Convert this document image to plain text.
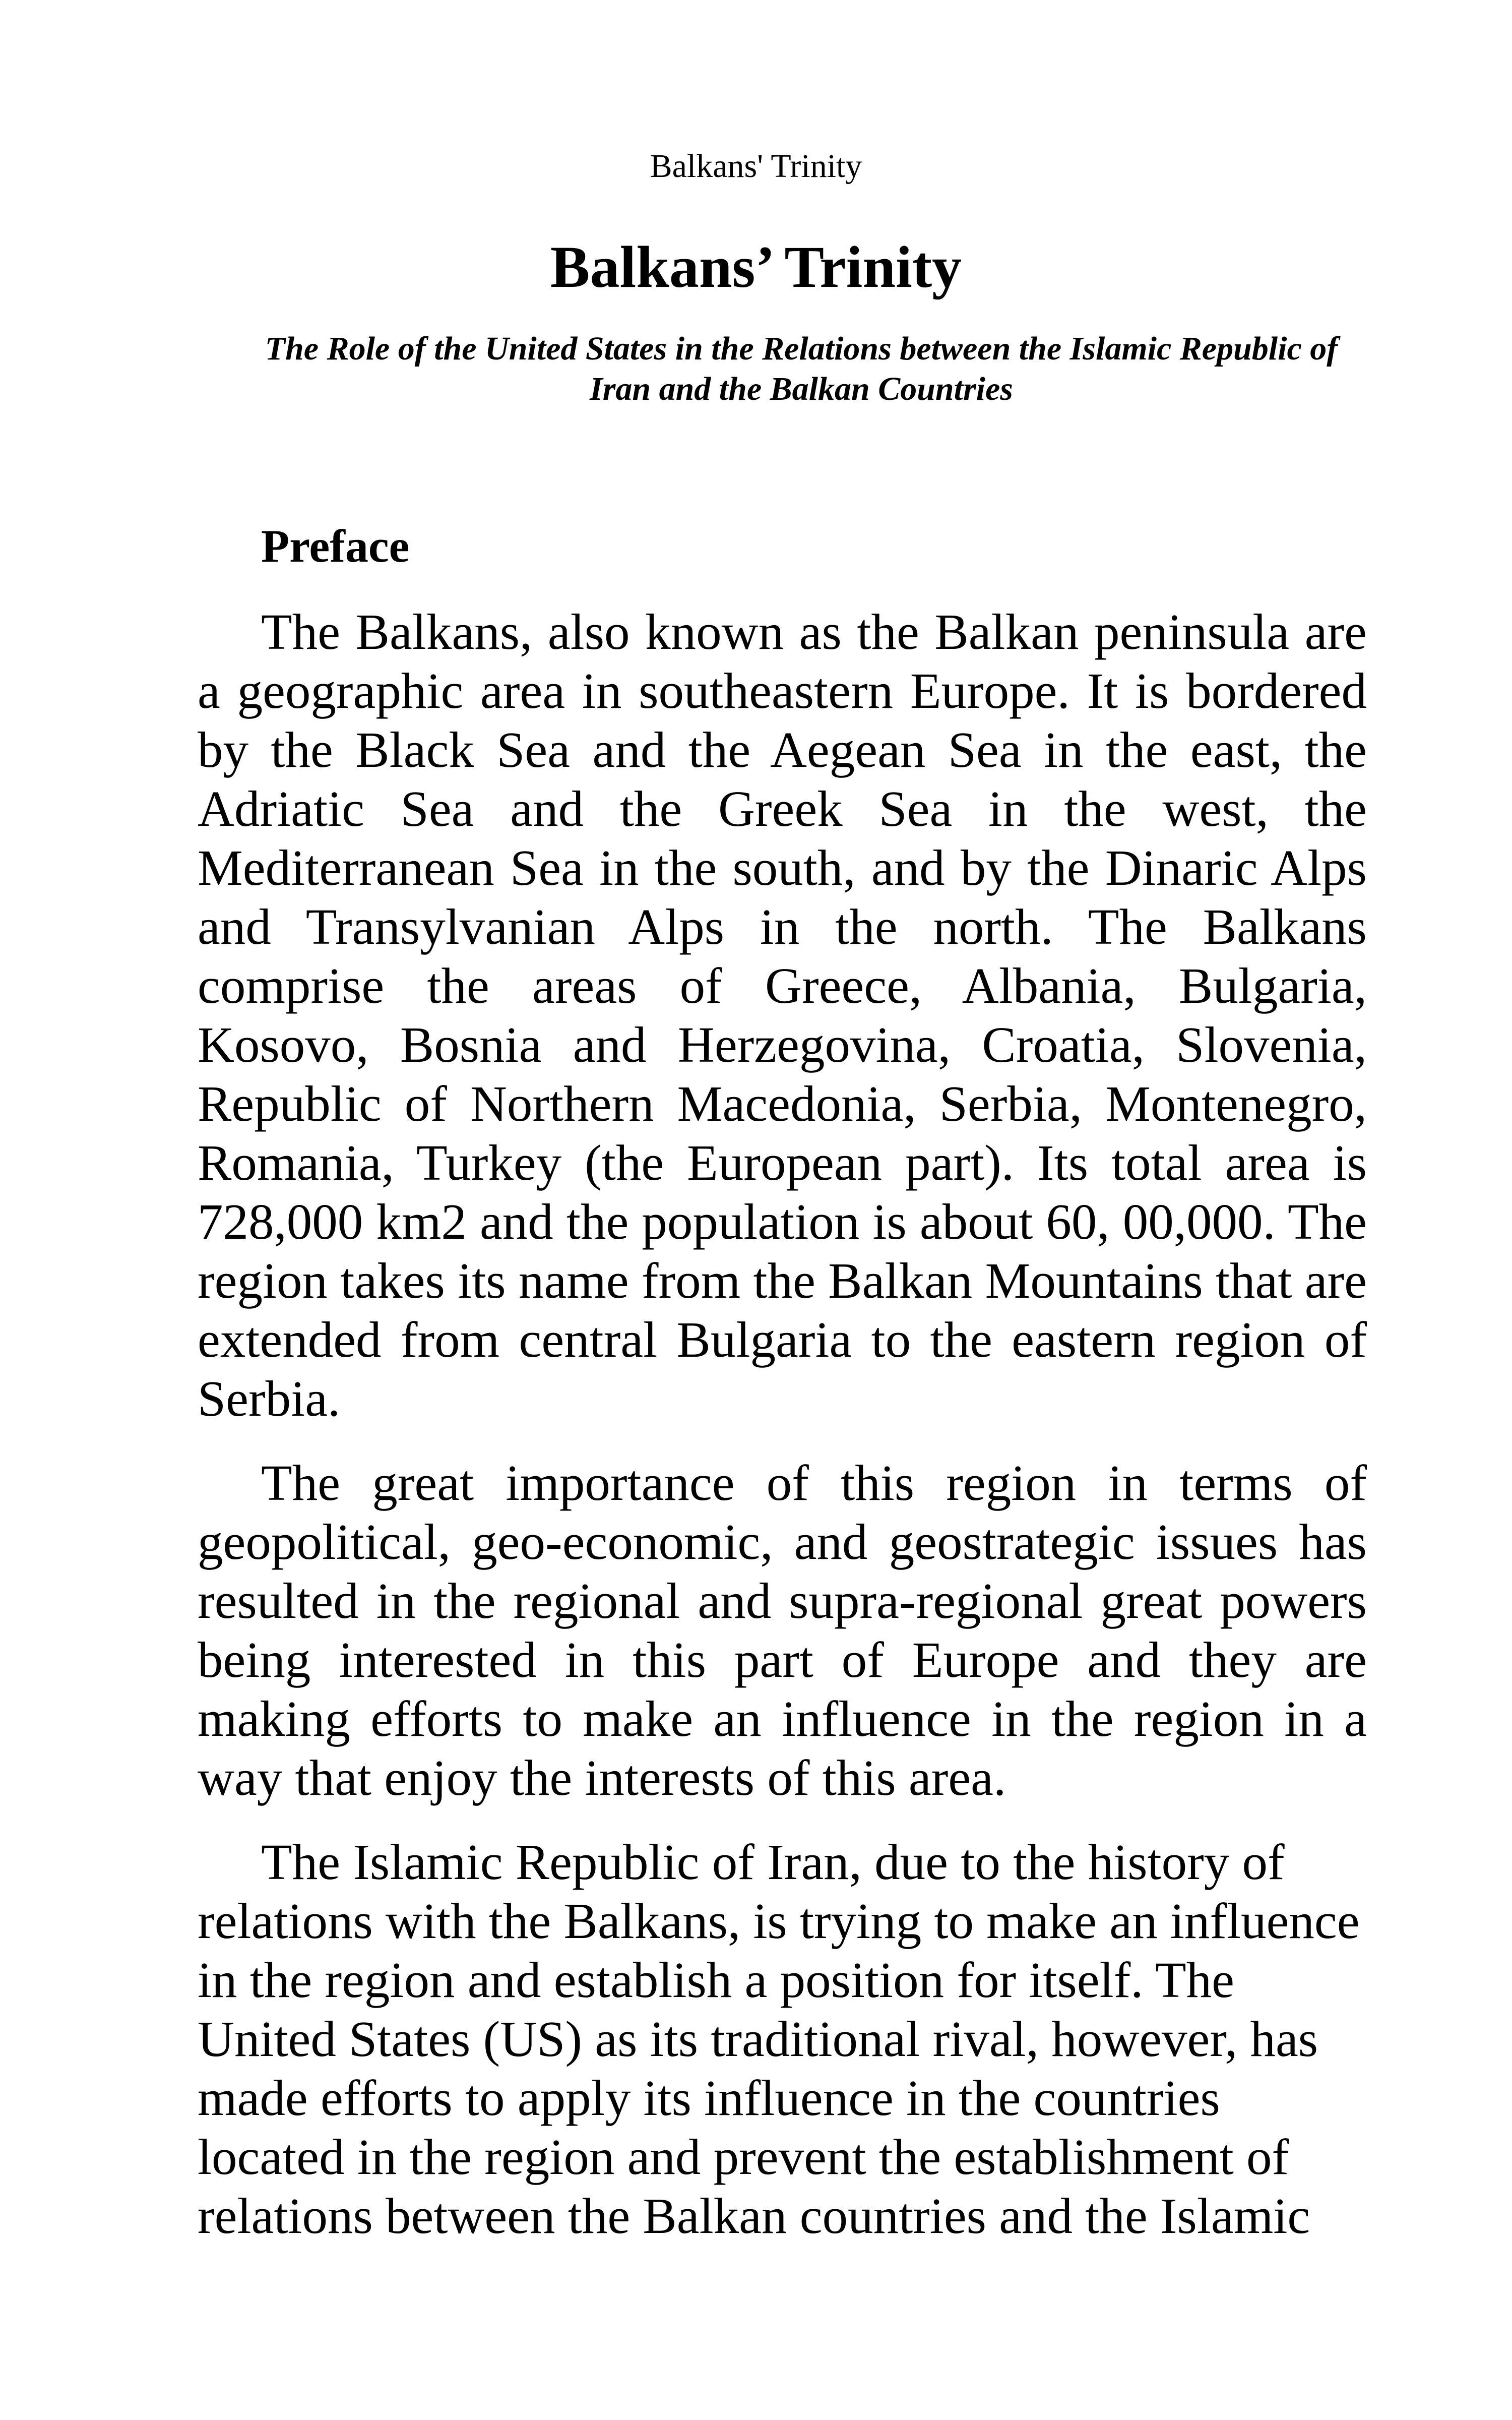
Balkans' Trinity
Balkans’ Trinity
The Role of the United States in the Relations between the Islamic Republic of Iran and the Balkan Countries
Preface

The Balkans, also known as the Balkan peninsula are a geographic area in southeastern Europe. It is bordered by the Black Sea and the Aegean Sea in the east, the Adriatic Sea and the Greek Sea in the west, the Mediterranean Sea in the south, and by the Dinaric Alps and Transylvanian Alps in the north. The Balkans comprise the areas of Greece, Albania, Bulgaria, Kosovo, Bosnia and Herzegovina, Croatia, Slovenia, Republic of Northern Macedonia, Serbia, Montenegro, Romania, Turkey (the European part). Its total area is 728,000 km2 and the population is about 60, 00,000. The region takes its name from the Balkan Mountains that are extended from central Bulgaria to the eastern region of Serbia.

The great importance of this region in terms of geopolitical, geo-economic, and geostrategic issues has resulted in the regional and supra-regional great powers being interested in this part of Europe and they are making efforts to make an influence in the region in a way that enjoy the interests of this area.

The Islamic Republic of Iran, due to the history of relations with the Balkans, is trying to make an influence in the region and establish a position for itself. The United States (US) as its traditional rival, however, has made efforts to apply its influence in the countries located in the region and prevent the establishment of relations between the Balkan countries and the Islamic
